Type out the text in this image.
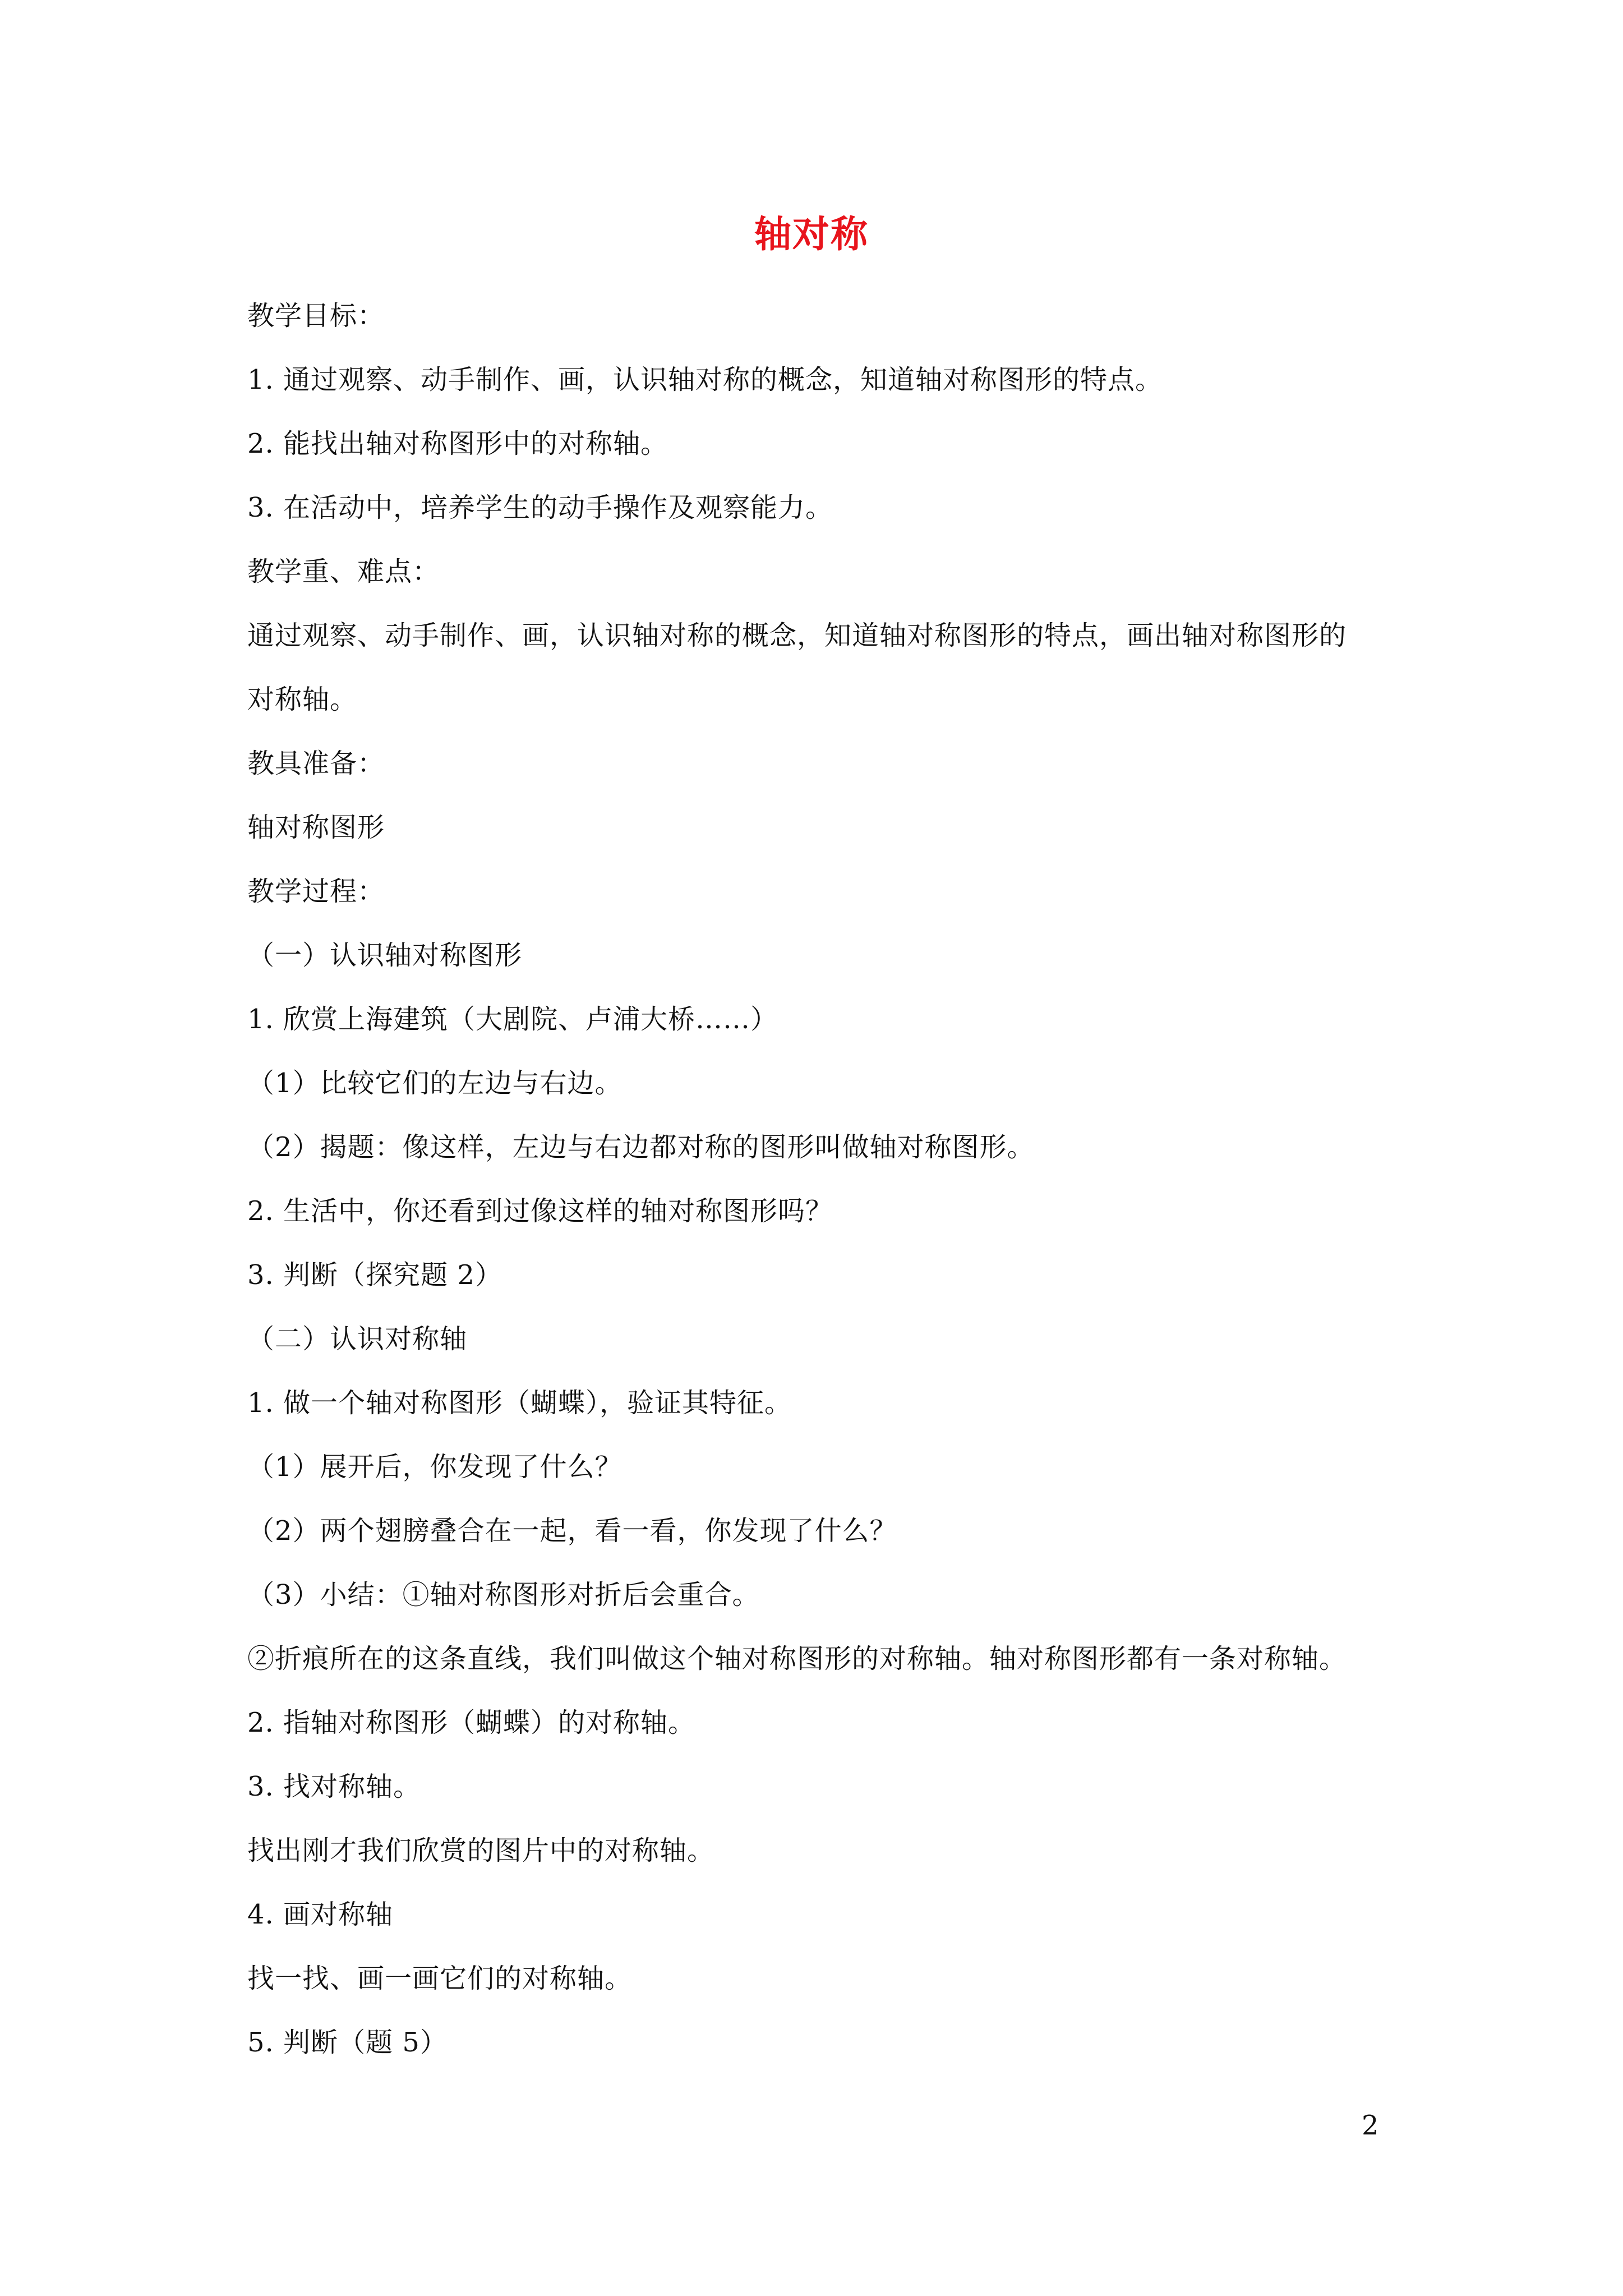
轴对称
教学目标：
1. 通过观察、动手制作、画，认识轴对称的概念，知道轴对称图形的特点。
2. 能找出轴对称图形中的对称轴。
3. 在活动中，培养学生的动手操作及观察能力。
教学重、难点：
通过观察、动手制作、画，认识轴对称的概念，知道轴对称图形的特点，画出轴对称图形的
对称轴。
教具准备：
轴对称图形
教学过程：
（一）认识轴对称图形
1. 欣赏上海建筑（大剧院、卢浦大桥……）
（1）比较它们的左边与右边。
（2）揭题：像这样，左边与右边都对称的图形叫做轴对称图形。
2. 生活中，你还看到过像这样的轴对称图形吗？
3. 判断（探究题 2）
（二）认识对称轴
1. 做一个轴对称图形（蝴蝶），验证其特征。
（1）展开后，你发现了什么？
（2）两个翅膀叠合在一起，看一看，你发现了什么？
（3）小结：①轴对称图形对折后会重合。
②折痕所在的这条直线，我们叫做这个轴对称图形的对称轴。轴对称图形都有一条对称轴。
2. 指轴对称图形（蝴蝶）的对称轴。
3. 找对称轴。
找出刚才我们欣赏的图片中的对称轴。
4. 画对称轴
找一找、画一画它们的对称轴。
5. 判断（题 5）
2
